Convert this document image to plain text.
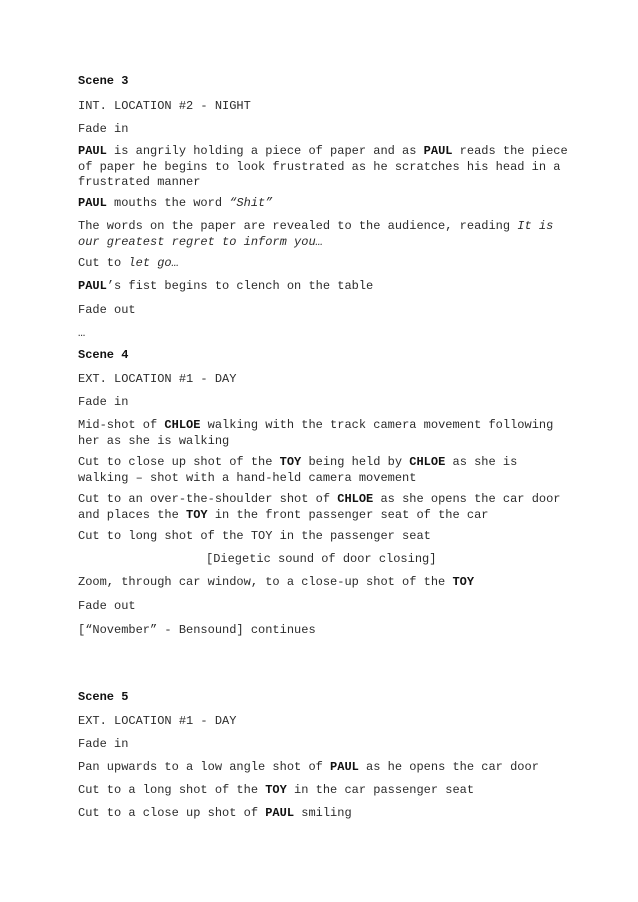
Scene 3
INT. LOCATION #2 - NIGHT
Fade in
PAUL is angrily holding a piece of paper and as PAUL reads the piece
of paper he begins to look frustrated as he scratches his head in a
frustrated manner
PAUL mouths the word “Shit”
The words on the paper are revealed to the audience, reading It is
our greatest regret to inform you…
Cut to let go…
PAUL’s fist begins to clench on the table
Fade out
…
Scene 4
EXT. LOCATION #1 - DAY
Fade in
Mid-shot of CHLOE walking with the track camera movement following
her as she is walking
Cut to close up shot of the TOY being held by CHLOE as she is
walking – shot with a hand-held camera movement
Cut to an over-the-shoulder shot of CHLOE as she opens the car door
and places the TOY in the front passenger seat of the car
Cut to long shot of the TOY in the passenger seat
[Diegetic sound of door closing]
Zoom, through car window, to a close-up shot of the TOY
Fade out
[“November” - Bensound] continues
Scene 5
EXT. LOCATION #1 - DAY
Fade in
Pan upwards to a low angle shot of PAUL as he opens the car door
Cut to a long shot of the TOY in the car passenger seat
Cut to a close up shot of PAUL smiling
